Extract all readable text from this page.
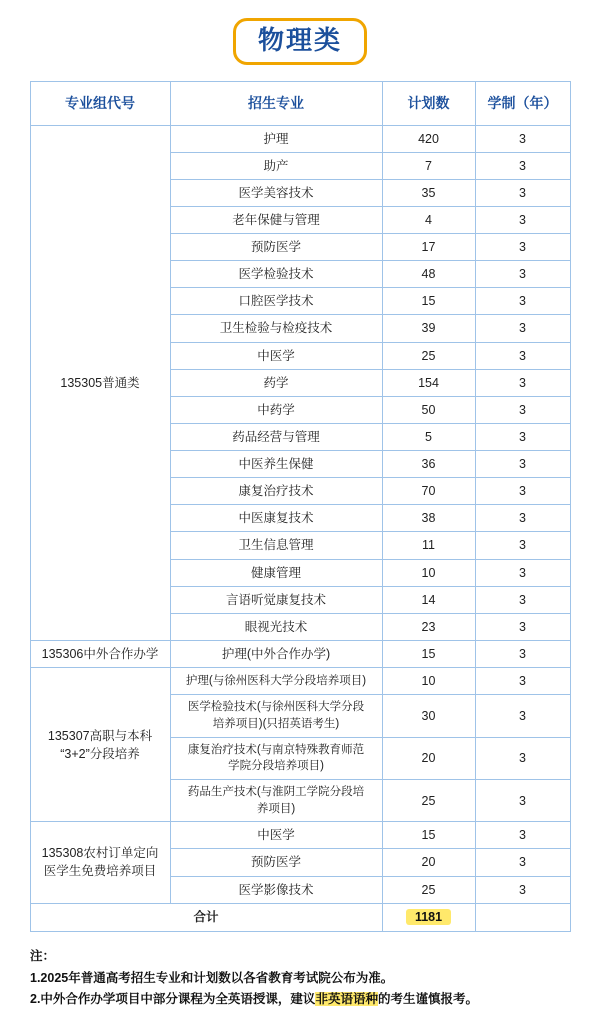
物理类
专业组代号	招生专业	计划数	学制（年）
135305普通类	护理	420	3
	助产	7	3
	医学美容技术	35	3
	老年保健与管理	4	3
	预防医学	17	3
	医学检验技术	48	3
	口腔医学技术	15	3
	卫生检验与检疫技术	39	3
	中医学	25	3
	药学	154	3
	中药学	50	3
	药品经营与管理	5	3
	中医养生保健	36	3
	康复治疗技术	70	3
	中医康复技术	38	3
	卫生信息管理	11	3
	健康管理	10	3
	言语听觉康复技术	14	3
	眼视光技术	23	3
135306中外合作办学	护理(中外合作办学)	15	3
135307高职与本科
“3+2”分段培养	护理(与徐州医科大学分段培养项目)	10	3
	医学检验技术(与徐州医科大学分段
培养项目)(只招英语考生)	30	3
	康复治疗技术(与南京特殊教育师范
学院分段培养项目)	20	3
	药品生产技术(与淮阴工学院分段培
养项目)	25	3
135308农村订单定向
医学生免费培养项目	中医学	15	3
	预防医学	20	3
	医学影像技术	25	3
合计		1181	
注：
1.2025年普通高考招生专业和计划数以各省教育考试院公布为准。
2.中外合作办学项目中部分课程为全英语授课，建议非英语语种的考生谨慎报考。
